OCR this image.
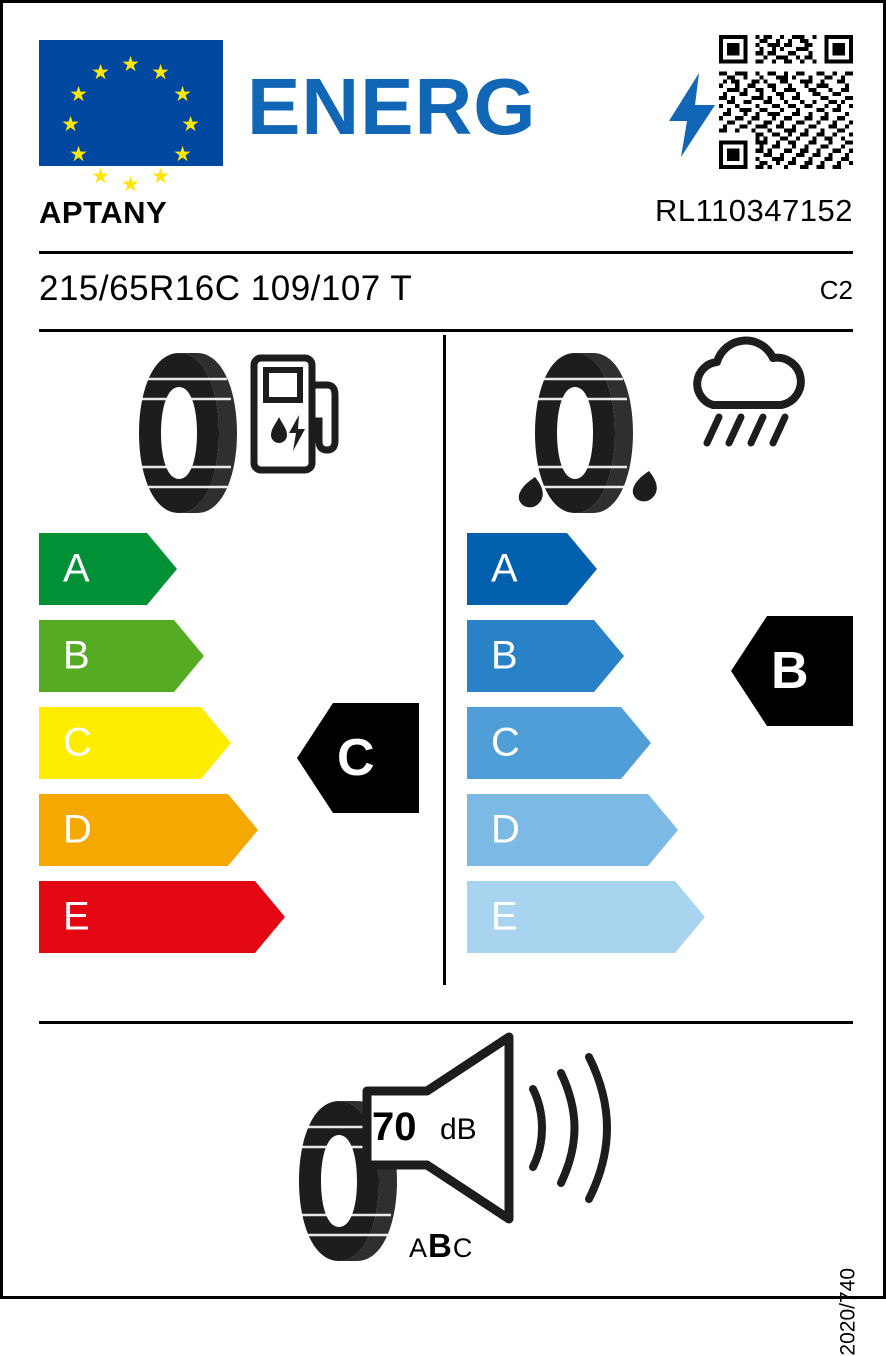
★ ★
★
★
★
★
★
★
★
★
★
★ ENERG
APTANY	RL110347152
215/65R16C 109/107 T	C2
A
B
C
D
E
C
A
B
C
D
E
B
70 dB
ABC
2020/740
